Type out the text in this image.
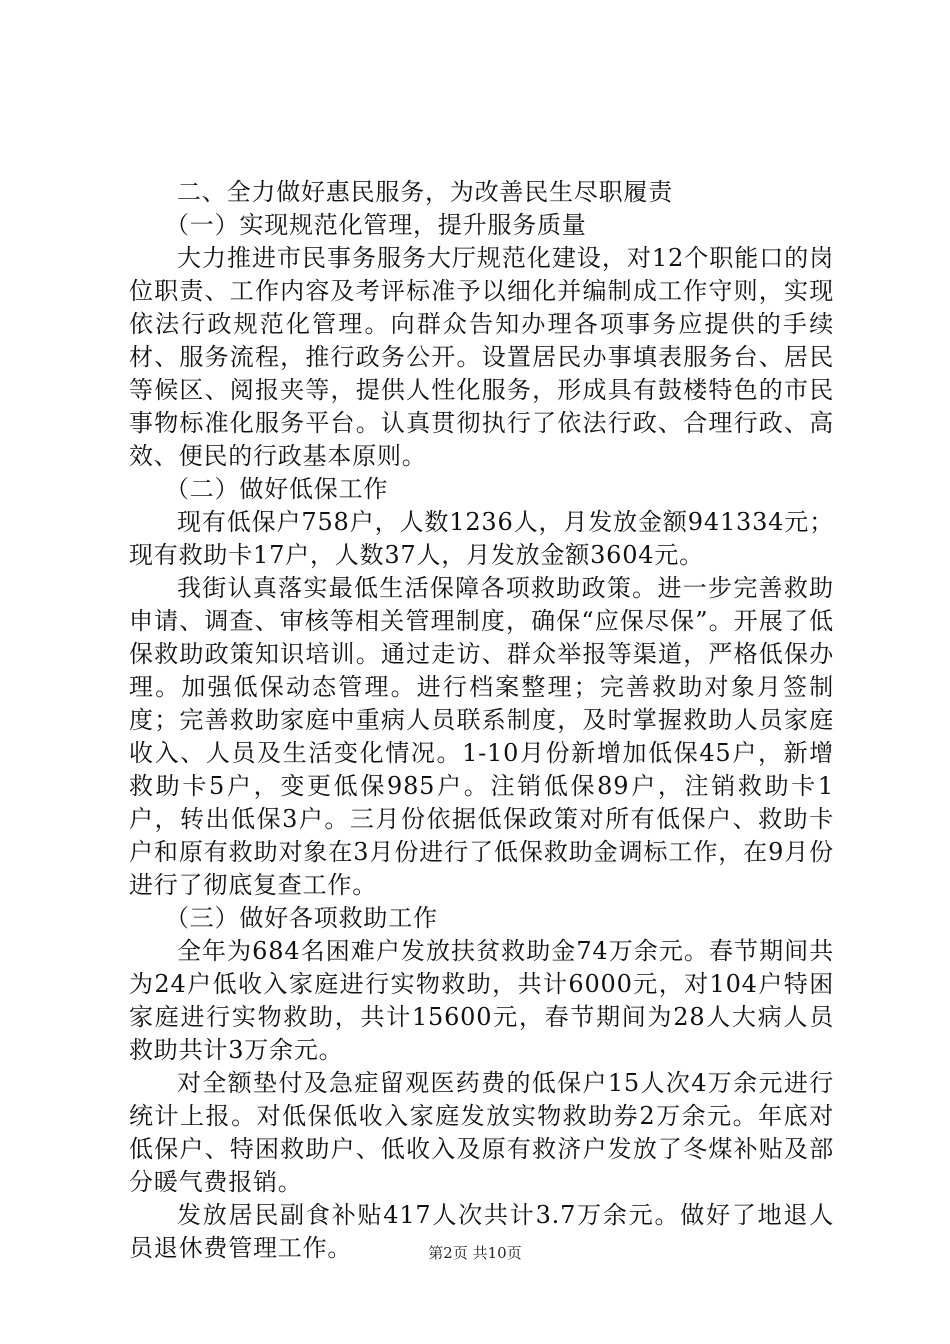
二、全力做好惠民服务，为改善民生尽职履责

（一）实现规范化管理，提升服务质量

大力推进市民事务服务大厅规范化建设，对12个职能口的岗位职责、工作内容及考评标准予以细化并编制成工作守则，实现依法行政规范化管理。向群众告知办理各项事务应提供的手续材、服务流程，推行政务公开。设置居民办事填表服务台、居民等候区、阅报夹等，提供人性化服务，形成具有鼓楼特色的市民事物标准化服务平台。认真贯彻执行了依法行政、合理行政、高效、便民的行政基本原则。

（二）做好低保工作

现有低保户758户，人数1236人，月发放金额941334元；现有救助卡17户，人数37人，月发放金额3604元。

我街认真落实最低生活保障各项救助政策。进一步完善救助申请、调查、审核等相关管理制度，确保“应保尽保”。开展了低保救助政策知识培训。通过走访、群众举报等渠道，严格低保办理。加强低保动态管理。进行档案整理；完善救助对象月签制度；完善救助家庭中重病人员联系制度，及时掌握救助人员家庭收入、人员及生活变化情况。1-10月份新增加低保45户，新增救助卡5户，变更低保985户。注销低保89户，注销救助卡1户，转出低保3户。三月份依据低保政策对所有低保户、救助卡户和原有救助对象在3月份进行了低保救助金调标工作，在9月份进行了彻底复查工作。

（三）做好各项救助工作

全年为684名困难户发放扶贫救助金74万余元。春节期间共为24户低收入家庭进行实物救助，共计6000元，对104户特困家庭进行实物救助，共计15600元，春节期间为28人大病人员救助共计3万余元。

对全额垫付及急症留观医药费的低保户15人次4万余元进行统计上报。对低保低收入家庭发放实物救助券2万余元。年底对低保户、特困救助户、低收入及原有救济户发放了冬煤补贴及部分暖气费报销。

发放居民副食补贴417人次共计3.7万余元。做好了地退人员退休费管理工作。	第2页 共10页
